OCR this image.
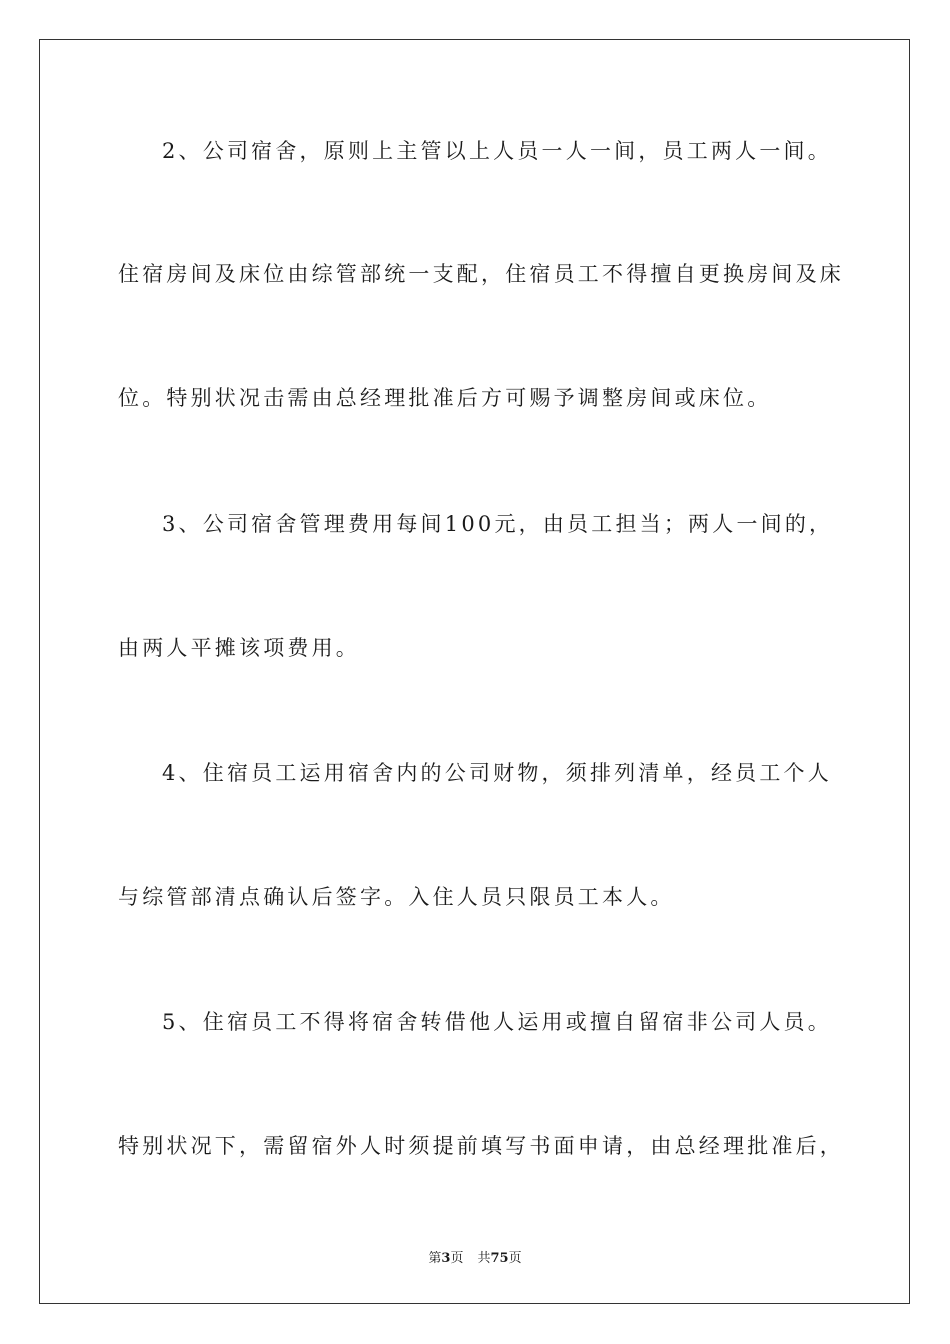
2、公司宿舍，原则上主管以上人员一人一间，员工两人一间。
住宿房间及床位由综管部统一支配，住宿员工不得擅自更换房间及床
位。特别状况击需由总经理批准后方可赐予调整房间或床位。
3、公司宿舍管理费用每间100元，由员工担当；两人一间的，
由两人平摊该项费用。
4、住宿员工运用宿舍内的公司财物，须排列清单，经员工个人
与综管部清点确认后签字。入住人员只限员工本人。
5、住宿员工不得将宿舍转借他人运用或擅自留宿非公司人员。
特别状况下，需留宿外人时须提前填写书面申请，由总经理批准后，
第3页 共75页
